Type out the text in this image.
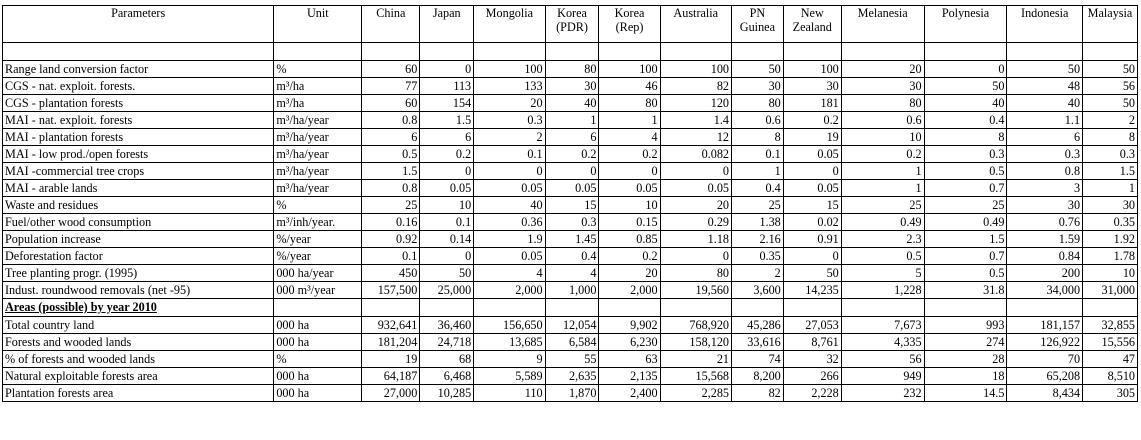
Parameters	Unit	China	Japan	Mongolia	Korea (PDR)	Korea (Rep)	Australia	PN Guinea	New Zealand	Melanesia	Polynesia	Indonesia	Malaysia

Range land conversion factor	%	60	0	100	80	100	100	50	100	20	0	50	50
CGS - nat. exploit. forests.	m³/ha	77	113	133	30	46	82	30	30	30	50	48	56
CGS - plantation forests	m³/ha	60	154	20	40	80	120	80	181	80	40	40	50
MAI - nat. exploit. forests	m³/ha/year	0.8	1.5	0.3	1	1	1.4	0.6	0.2	0.6	0.4	1.1	2
MAI - plantation forests	m³/ha/year	6	6	2	6	4	12	8	19	10	8	6	8
MAI - low prod./open forests	m³/ha/year	0.5	0.2	0.1	0.2	0.2	0.082	0.1	0.05	0.2	0.3	0.3	0.3
MAI -commercial tree crops	m³/ha/year	1.5	0	0	0	0	0	1	0	1	0.5	0.8	1.5
MAI - arable lands	m³/ha/year	0.8	0.05	0.05	0.05	0.05	0.05	0.4	0.05	1	0.7	3	1
Waste and residues	%	25	10	40	15	10	20	25	15	25	25	30	30
Fuel/other wood consumption	m³/inh/year.	0.16	0.1	0.36	0.3	0.15	0.29	1.38	0.02	0.49	0.49	0.76	0.35
Population increase	%/year	0.92	0.14	1.9	1.45	0.85	1.18	2.16	0.91	2.3	1.5	1.59	1.92
Deforestation factor	%/year	0.1	0	0.05	0.4	0.2	0	0.35	0	0.5	0.7	0.84	1.78
Tree planting progr. (1995)	000 ha/year	450	50	4	4	20	80	2	50	5	0.5	200	10
Indust. roundwood removals (net -95)	000 m³/year	157,500	25,000	2,000	1,000	2,000	19,560	3,600	14,235	1,228	31.8	34,000	31,000
Areas (possible) by year 2010													
Total country land	000 ha	932,641	36,460	156,650	12,054	9,902	768,920	45,286	27,053	7,673	993	181,157	32,855
Forests and wooded lands	000 ha	181,204	24,718	13,685	6,584	6,230	158,120	33,616	8,761	4,335	274	126,922	15,556
% of forests and wooded lands	%	19	68	9	55	63	21	74	32	56	28	70	47
Natural exploitable forests area	000 ha	64,187	6,468	5,589	2,635	2,135	15,568	8,200	266	949	18	65,208	8,510
Plantation forests area	000 ha	27,000	10,285	110	1,870	2,400	2,285	82	2,228	232	14.5	8,434	305
